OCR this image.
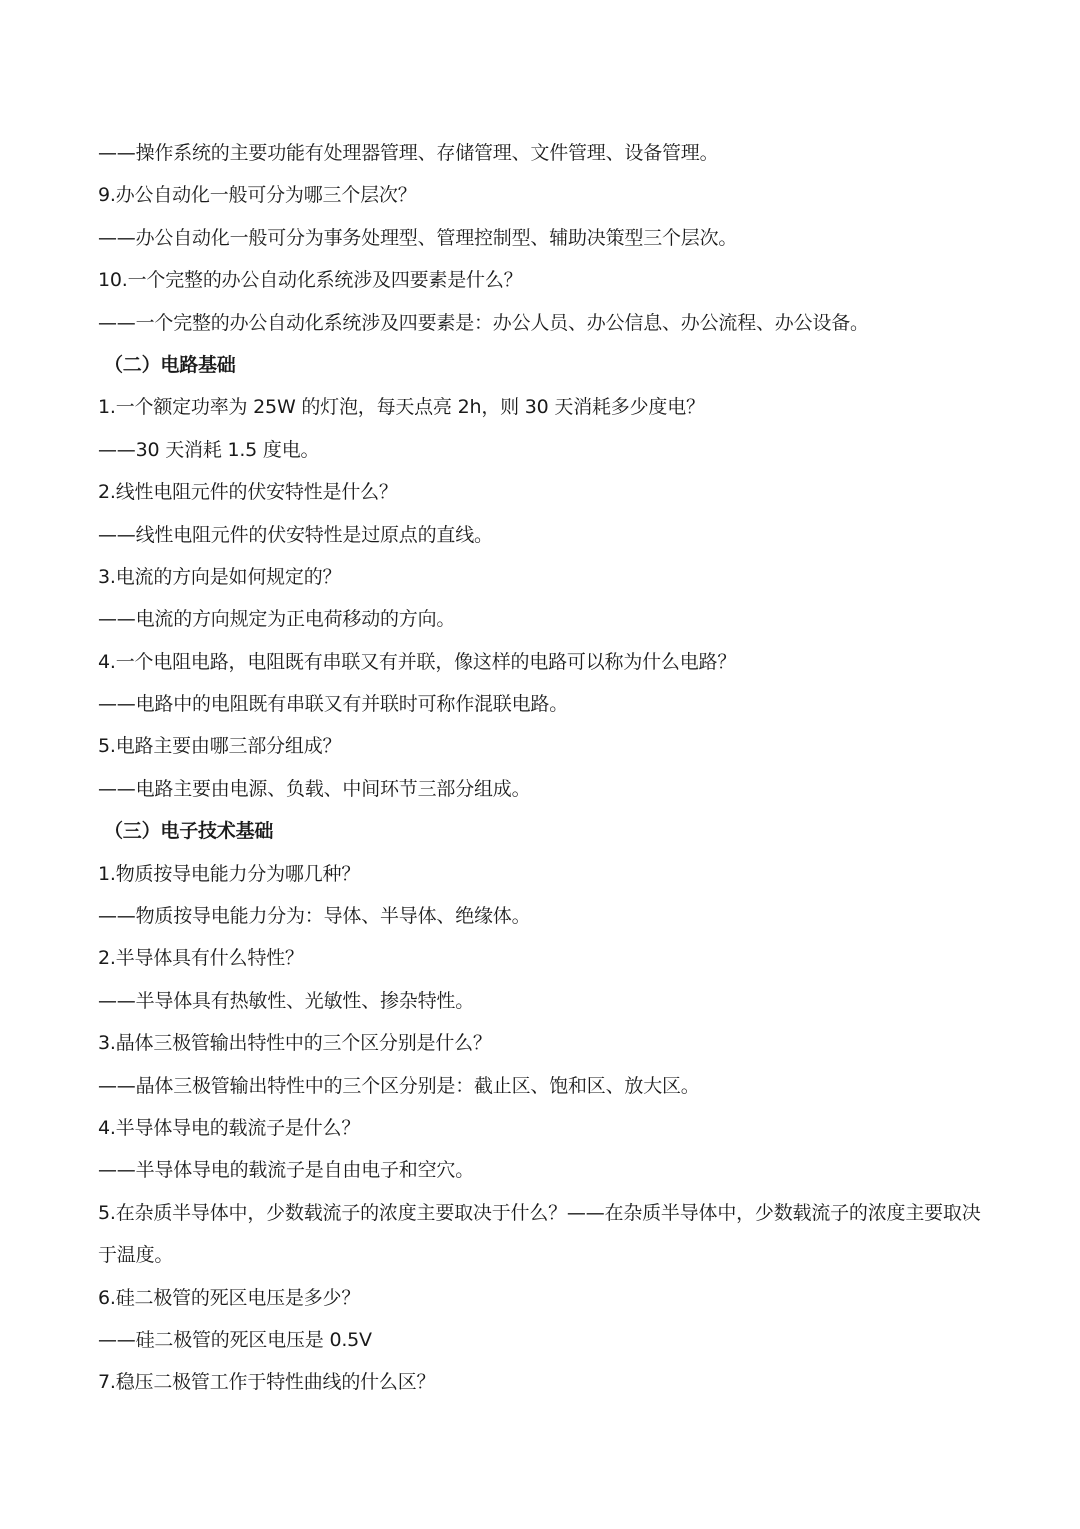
——操作系统的主要功能有处理器管理、存储管理、文件管理、设备管理。
9.办公自动化一般可分为哪三个层次？
——办公自动化一般可分为事务处理型、管理控制型、辅助决策型三个层次。
10.一个完整的办公自动化系统涉及四要素是什么？
——一个完整的办公自动化系统涉及四要素是：办公人员、办公信息、办公流程、办公设备。
（二）电路基础
1.一个额定功率为 25W 的灯泡，每天点亮 2h，则 30 天消耗多少度电？
——30 天消耗 1.5 度电。
2.线性电阻元件的伏安特性是什么？
——线性电阻元件的伏安特性是过原点的直线。
3.电流的方向是如何规定的？
——电流的方向规定为正电荷移动的方向。
4.一个电阻电路，电阻既有串联又有并联，像这样的电路可以称为什么电路？
——电路中的电阻既有串联又有并联时可称作混联电路。
5.电路主要由哪三部分组成？
——电路主要由电源、负载、中间环节三部分组成。
（三）电子技术基础
1.物质按导电能力分为哪几种？
——物质按导电能力分为：导体、半导体、绝缘体。
2.半导体具有什么特性？
——半导体具有热敏性、光敏性、掺杂特性。
3.晶体三极管输出特性中的三个区分别是什么？
——晶体三极管输出特性中的三个区分别是：截止区、饱和区、放大区。
4.半导体导电的载流子是什么？
——半导体导电的载流子是自由电子和空穴。
5.在杂质半导体中，少数载流子的浓度主要取决于什么？——在杂质半导体中，少数载流子的浓度主要取决
于温度。
6.硅二极管的死区电压是多少？
——硅二极管的死区电压是 0.5V
7.稳压二极管工作于特性曲线的什么区？
